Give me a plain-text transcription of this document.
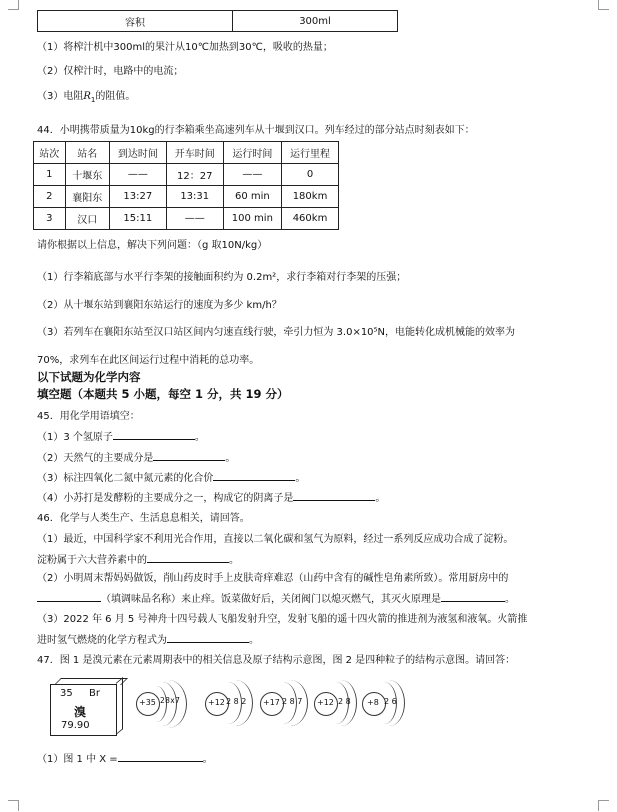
容积	300ml
（1）将榨汁机中300ml的果汁从10℃加热到30℃，吸收的热量；
（2）仅榨汁时，电路中的电流；
（3）电阻$R_1$的阻值。
44．小明携带质量为10kg的行李箱乘坐高速列车从十堰到汉口。列车经过的部分站点时刻表如下：
站次	站名	到达时间	开车时间	运行时间	运行里程
1	十堰东	——	12：27	——	0
2	襄阳东	13:27	13:31	60 min	180km
3	汉口	15:11	——	100 min	460km
请你根据以上信息，解决下列问题：（g 取10N/kg）
（1）行李箱底部与水平行李架的接触面积约为 0.2m²，求行李箱对行李架的压强；
（2）从十堰东站到襄阳东站运行的速度为多少 km/h？
（3）若列车在襄阳东站至汉口站区间内匀速直线行驶，牵引力恒为 3.0×10⁵N，电能转化成机械能的效率为
70%，求列车在此区间运行过程中消耗的总功率。
以下试题为化学内容
填空题（本题共 5 小题，每空 1 分，共 19 分）
45．用化学用语填空：
（1）3 个氢原子	。
（2）天然气的主要成分是	。
（3）标注四氧化二氮中氮元素的化合价	。
（4）小苏打是发酵粉的主要成分之一，构成它的阴离子是	。
46．化学与人类生产、生活息息相关，请回答。
（1）最近，中国科学家不利用光合作用，直接以二氧化碳和氢气为原料，经过一系列反应成功合成了淀粉。
淀粉属于六大营养素中的	。
（2）小明周末帮妈妈做饭，削山药皮时手上皮肤奇痒难忍（山药中含有的碱性皂角素所致）。常用厨房中的
（填调味品名称）来止痒。饭菜做好后，关闭阀门以熄灭燃气，其灭火原理是	。
（3）2022 年 6 月 5 号神舟十四号载人飞船发射升空，发射飞船的遥十四火箭的推进剂为液氢和液氧。火箭推
进时氢气燃烧的化学方程式为	。
47．图 1 是溴元素在元素周期表中的相关信息及原子结构示意图，图 2 是四种粒子的结构示意图。请回答：
35 Br
溴
79.90
+35 2 8 x 7	+12 2 8 2 +17 2 8 7 +12 2 8 +8 2 6
（1）图 1 中 X =	。
